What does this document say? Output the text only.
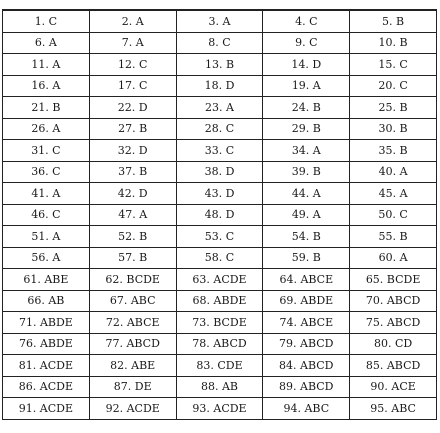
1. C	2. A	3. A	4. C	5. B
6. A	7. A	8. C	9. C	10. B
11. A	12. C	13. B	14. D	15. C
16. A	17. C	18. D	19. A	20. C
21. B	22. D	23. A	24. B	25. B
26. A	27. B	28. C	29. B	30. B
31. C	32. D	33. C	34. A	35. B
36. C	37. B	38. D	39. B	40. A
41. A	42. D	43. D	44. A	45. A
46. C	47. A	48. D	49. A	50. C
51. A	52. B	53. C	54. B	55. B
56. A	57. B	58. C	59. B	60. A
61. ABE	62. BCDE	63. ACDE	64. ABCE	65. BCDE
66. AB	67. ABC	68. ABDE	69. ABDE	70. ABCD
71. ABDE	72. ABCE	73. BCDE	74. ABCE	75. ABCD
76. ABDE	77. ABCD	78. ABCD	79. ABCD	80. CD
81. ACDE	82. ABE	83. CDE	84. ABCD	85. ABCD
86. ACDE	87. DE	88. AB	89. ABCD	90. ACE
91. ACDE	92. ACDE	93. ACDE	94. ABC	95. ABC
